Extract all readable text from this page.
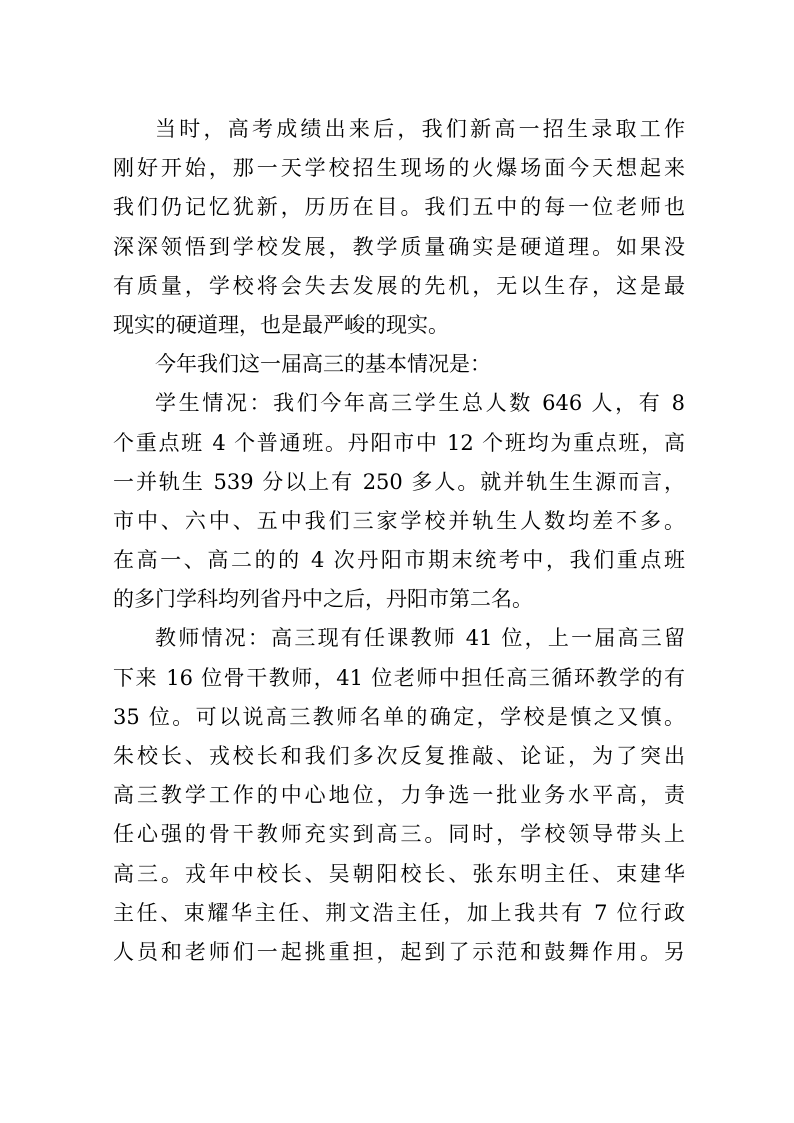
当时，高考成绩出来后，我们新高一招生录取工作
刚好开始，那一天学校招生现场的火爆场面今天想起来
我们仍记忆犹新，历历在目。我们五中的每一位老师也
深深领悟到学校发展，教学质量确实是硬道理。如果没
有质量，学校将会失去发展的先机，无以生存，这是最
现实的硬道理，也是最严峻的现实。
今年我们这一届高三的基本情况是：
学生情况：我们今年高三学生总人数 646 人，有 8
个重点班 4 个普通班。丹阳市中 12 个班均为重点班，高
一并轨生 539 分以上有 250 多人。就并轨生生源而言，
市中、六中、五中我们三家学校并轨生人数均差不多。
在高一、高二的的 4 次丹阳市期末统考中，我们重点班
的多门学科均列省丹中之后，丹阳市第二名。
教师情况：高三现有任课教师 41 位，上一届高三留
下来 16 位骨干教师，41 位老师中担任高三循环教学的有
35 位。可以说高三教师名单的确定，学校是慎之又慎。
朱校长、戎校长和我们多次反复推敲、论证，为了突出
高三教学工作的中心地位，力争选一批业务水平高，责
任心强的骨干教师充实到高三。同时，学校领导带头上
高三。戎年中校长、吴朝阳校长、张东明主任、束建华
主任、束耀华主任、荆文浩主任，加上我共有 7 位行政
人员和老师们一起挑重担，起到了示范和鼓舞作用。另
